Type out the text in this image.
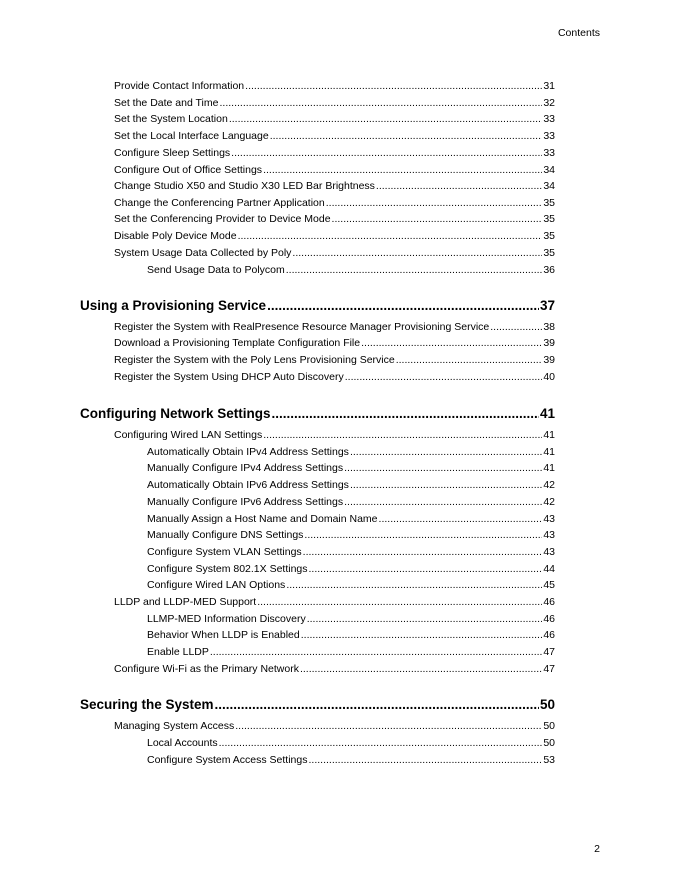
Contents
Provide Contact Information .....	31
Set the Date and Time .....	32
Set the System Location .....	33
Set the Local Interface Language .....	33
Configure Sleep Settings .....	33
Configure Out of Office Settings .....	34
Change Studio X50 and Studio X30 LED Bar Brightness .....	34
Change the Conferencing Partner Application .....	35
Set the Conferencing Provider to Device Mode .....	35
Disable Poly Device Mode .....	35
System Usage Data Collected by Poly .....	35
Send Usage Data to Polycom .....	36
Using a Provisioning Service .....	37
Register the System with RealPresence Resource Manager Provisioning Service .....	38
Download a Provisioning Template Configuration File .....	39
Register the System with the Poly Lens Provisioning Service .....	39
Register the System Using DHCP Auto Discovery .....	40
Configuring Network Settings .....	41
Configuring Wired LAN Settings .....	41
Automatically Obtain IPv4 Address Settings .....	41
Manually Configure IPv4 Address Settings .....	41
Automatically Obtain IPv6 Address Settings .....	42
Manually Configure IPv6 Address Settings .....	42
Manually Assign a Host Name and Domain Name .....	43
Manually Configure DNS Settings .....	43
Configure System VLAN Settings .....	43
Configure System 802.1X Settings .....	44
Configure Wired LAN Options .....	45
LLDP and LLDP-MED Support .....	46
LLMP-MED Information Discovery .....	46
Behavior When LLDP is Enabled .....	46
Enable LLDP .....	47
Configure Wi-Fi as the Primary Network .....	47
Securing the System .....	50
Managing System Access .....	50
Local Accounts .....	50
Configure System Access Settings .....	53
2
